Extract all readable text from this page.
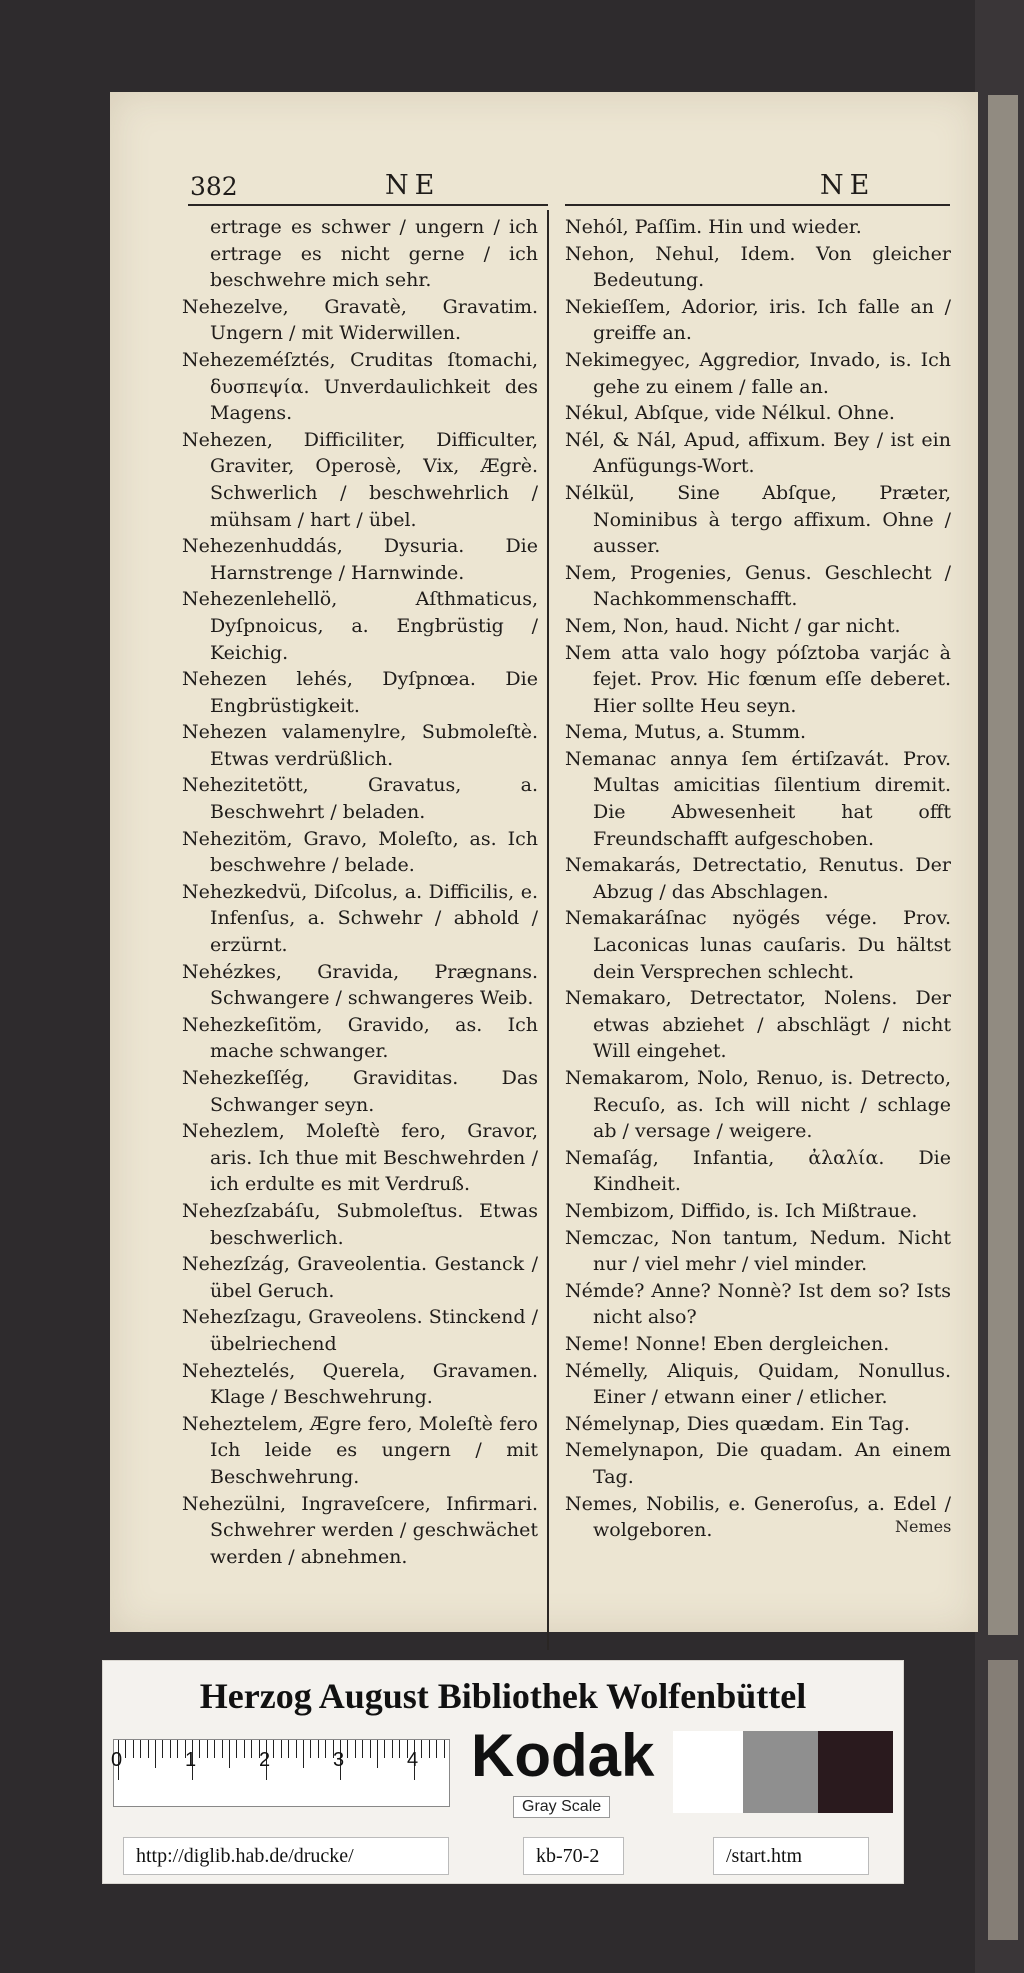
382	NE	NE
ertrage es schwer / ungern / ich ertrage es nicht gerne / ich beschwehre mich sehr.
Nehezelve, Gravatè, Gravatim. Ungern / mit Widerwillen.
Nehezeméſztés, Cruditas ſtomachi, δυσπεψία. Unverdaulichkeit des Magens.
Nehezen, Difficiliter, Difficulter, Graviter, Operosè, Vix, Ægrè. Schwerlich / beschwehrlich / mühsam / hart / übel.
Nehezenhuddás, Dysuria. Die Harnstrenge / Harnwinde.
Nehezenlehellö, Aſthmaticus, Dyſpnoicus, a. Engbrüstig / Keichig.
Nehezen lehés, Dyſpnœa. Die Engbrüstigkeit.
Nehezen valamenylre, Submoleſtè. Etwas verdrüßlich.
Nehezitetött, Gravatus, a. Beschwehrt / beladen.
Nehezitöm, Gravo, Moleſto, as. Ich beschwehre / belade.
Nehezkedvü, Diſcolus, a. Difficilis, e. Infenſus, a. Schwehr / abhold / erzürnt.
Nehézkes, Gravida, Prægnans. Schwangere / schwangeres Weib.
Nehezkeſitöm, Gravido, as. Ich mache schwanger.
Nehezkeſſég, Graviditas. Das Schwanger seyn.
Nehezlem, Moleſtè fero, Gravor, aris. Ich thue mit Beschwehrden / ich erdulte es mit Verdruß.
Nehezſzabáſu, Submoleſtus. Etwas beschwerlich.
Nehezſzág, Graveolentia. Gestanck / übel Geruch.
Nehezſzagu, Graveolens. Stinckend / übelriechend
Neheztelés, Querela, Gravamen. Klage / Beschwehrung.
Neheztelem, Ægre fero, Moleſtè fero Ich leide es ungern / mit Beschwehrung.
Nehezülni, Ingraveſcere, Infirmari. Schwehrer werden / geschwächet werden / abnehmen.
Nehól, Paſſim. Hin und wieder.
Nehon, Nehul, Idem. Von gleicher Bedeutung.
Nekieſſem, Adorior, iris. Ich falle an / greiffe an.
Nekimegyec, Aggredior, Invado, is. Ich gehe zu einem / falle an.
Nékul, Abſque, vide Nélkul. Ohne.
Nél, & Nál, Apud, affixum. Bey / ist ein Anfügungs-Wort.
Nélkül, Sine Abſque, Præter, Nominibus à tergo affixum. Ohne / ausser.
Nem, Progenies, Genus. Geschlecht / Nachkommenschafft.
Nem, Non, haud. Nicht / gar nicht.
Nem atta valo hogy póſztoba varjác à fejet. Prov. Hic fœnum eſſe deberet. Hier sollte Heu seyn.
Nema, Mutus, a. Stumm.
Nemanac annya ſem értiſzavát. Prov. Multas amicitias ſilentium diremit. Die Abwesenheit hat offt Freundschafft aufgeschoben.
Nemakarás, Detrectatio, Renutus. Der Abzug / das Abschlagen.
Nemakaráſnac nyögés vége. Prov. Laconicas lunas cauſaris. Du hältst dein Versprechen schlecht.
Nemakaro, Detrectator, Nolens. Der etwas abziehet / abschlägt / nicht Will eingehet.
Nemakarom, Nolo, Renuo, is. Detrecto, Recuſo, as. Ich will nicht / schlage ab / versage / weigere.
Nemaſág, Infantia, ἀλαλία. Die Kindheit.
Nembizom, Diffido, is. Ich Mißtraue.
Nemczac, Non tantum, Nedum. Nicht nur / viel mehr / viel minder.
Némde? Anne? Nonnè? Ist dem so? Ists nicht also?
Neme! Nonne! Eben dergleichen.
Némelly, Aliquis, Quidam, Nonullus. Einer / etwann einer / etlicher.
Némelynap, Dies quædam. Ein Tag.
Nemelynapon, Die quadam. An einem Tag.
Nemes, Nobilis, e. Generoſus, a. Edel / wolgeboren.	Nemes
Herzog August Bibliothek Wolfenbüttel
0	1	2	3	4 Kodak
Gray Scale
http://diglib.hab.de/drucke/	kb-70-2	/start.htm
